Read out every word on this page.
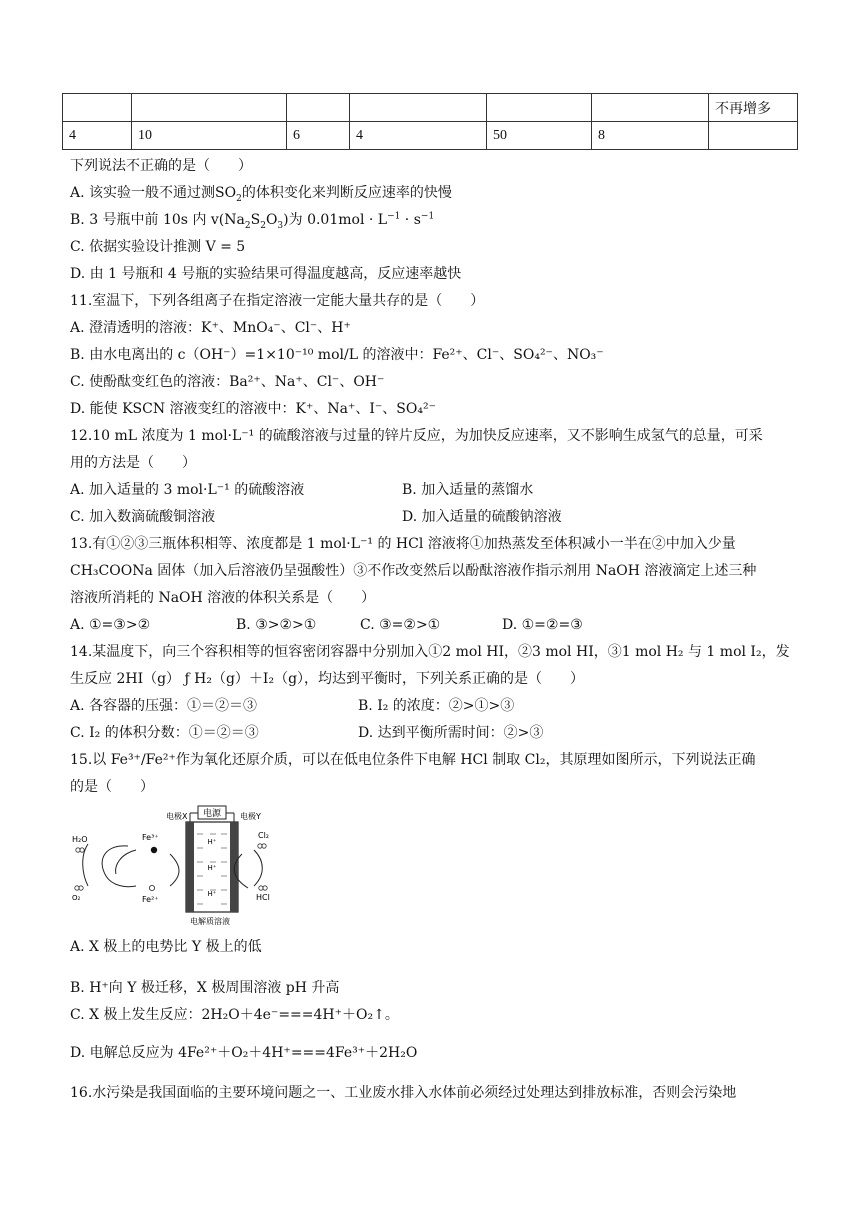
						不再增多
4	10	6	4	50	8	
下列说法不正确的是（　　）
A. 该实验一般不通过测$SO_2$的体积变化来判断反应速率的快慢
B. 3 号瓶中前 10s 内 $v(Na_2S_2O_3)$为 $0.01mol \cdot L^{-1} \cdot s^{-1}$
C. 依据实验设计推测 V = 5
D. 由 1 号瓶和 4 号瓶的实验结果可得温度越高，反应速率越快
11.室温下，下列各组离子在指定溶液一定能大量共存的是（　　）
A. 澄清透明的溶液：K⁺、MnO₄⁻、Cl⁻、H⁺
B. 由水电离出的 c（OH⁻）=1×10⁻¹⁰ mol/L 的溶液中：Fe²⁺、Cl⁻、SO₄²⁻、NO₃⁻
C. 使酚酞变红色的溶液：Ba²⁺、Na⁺、Cl⁻、OH⁻
D. 能使 KSCN 溶液变红的溶液中：K⁺、Na⁺、I⁻、SO₄²⁻
12.10 mL 浓度为 1 mol·L⁻¹ 的硫酸溶液与过量的锌片反应，为加快反应速率，又不影响生成氢气的总量，可采
用的方法是（　　）
A. 加入适量的 3 mol·L⁻¹ 的硫酸溶液	B. 加入适量的蒸馏水
C. 加入数滴硫酸铜溶液	D. 加入适量的硫酸钠溶液
13.有①②③三瓶体积相等、浓度都是 1 mol·L⁻¹ 的 HCl 溶液将①加热蒸发至体积减小一半在②中加入少量
CH₃COONa 固体（加入后溶液仍呈强酸性）③不作改变然后以酚酞溶液作指示剂用 NaOH 溶液滴定上述三种
溶液所消耗的 NaOH 溶液的体积关系是（　　）
A. ①=③>②	B. ③>②>①	C. ③=②>①	D. ①=②=③
14.某温度下，向三个容积相等的恒容密闭容器中分别加入①2 mol HI，②3 mol HI，③1 mol H₂ 与 1 mol I₂，发
生反应 2HI（g） ƒ H₂（g）＋I₂（g），均达到平衡时，下列关系正确的是（　　）
A. 各容器的压强：①＝②＝③	B. I₂ 的浓度：②>①>③
C. I₂ 的体积分数：①＝②＝③	D. 达到平衡所需时间：②>③
15.以 Fe³⁺/Fe²⁺作为氧化还原介质，可以在低电位条件下电解 HCl 制取 Cl₂，其原理如图所示，下列说法正确
的是（　　）
电源
H⁺
H⁺
H⁺
电极X	电极Y
电解质溶液
H₂O
O₂
Fe³⁺
Fe²⁺
Cl₂
HCl
A. X 极上的电势比 Y 极上的低
B. H⁺向 Y 极迁移，X 极周围溶液 pH 升高
C. X 极上发生反应：2H₂O＋4e⁻===4H⁺＋O₂↑。
D. 电解总反应为 4Fe²⁺＋O₂＋4H⁺===4Fe³⁺＋2H₂O
16.水污染是我国面临的主要环境问题之一、工业废水排入水体前必须经过处理达到排放标准，否则会污染地
